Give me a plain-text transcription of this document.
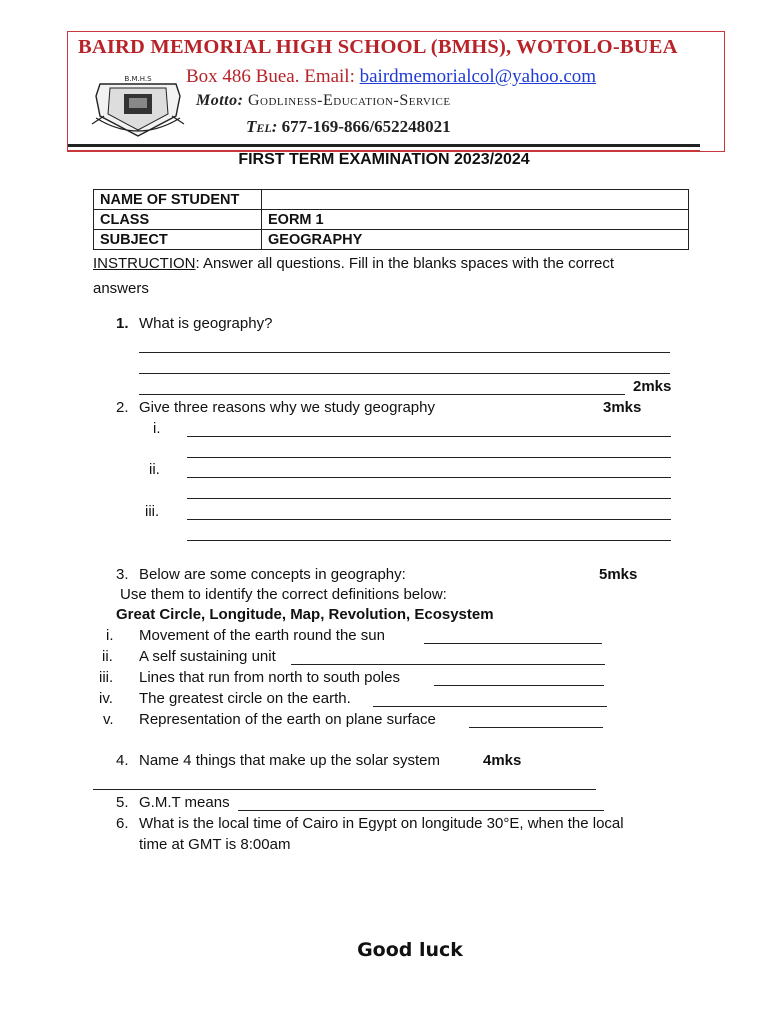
BAIRD MEMORIAL HIGH SCHOOL (BMHS), WOTOLO-BUEA
B.M.H.S Box 486 Buea. Email: bairdmemorialcol@yahoo.com
Motto: Godliness-Education-Service
Tel: 677-169-866/652248021
FIRST TERM EXAMINATION 2023/2024
NAME OF STUDENT	
CLASS	EORM 1
SUBJECT	GEOGRAPHY
INSTRUCTION: Answer all questions. Fill in the blanks spaces with the correct
answers
1. What is geography?
2mks
2. Give three reasons why we study geography	3mks
i.
ii.
iii.
3. Below are some concepts in geography:	5mks
Use them to identify the correct definitions below:
Great Circle, Longitude, Map, Revolution, Ecosystem
i. Movement of the earth round the sun
ii. A self sustaining unit
iii. Lines that run from north to south poles
iv. The greatest circle on the earth.
v. Representation of the earth on plane surface
4. Name 4 things that make up the solar system	4mks
5. G.M.T means
6. What is the local time of Cairo in Egypt on longitude 30°E, when the local
time at GMT is 8:00am
Good luck
